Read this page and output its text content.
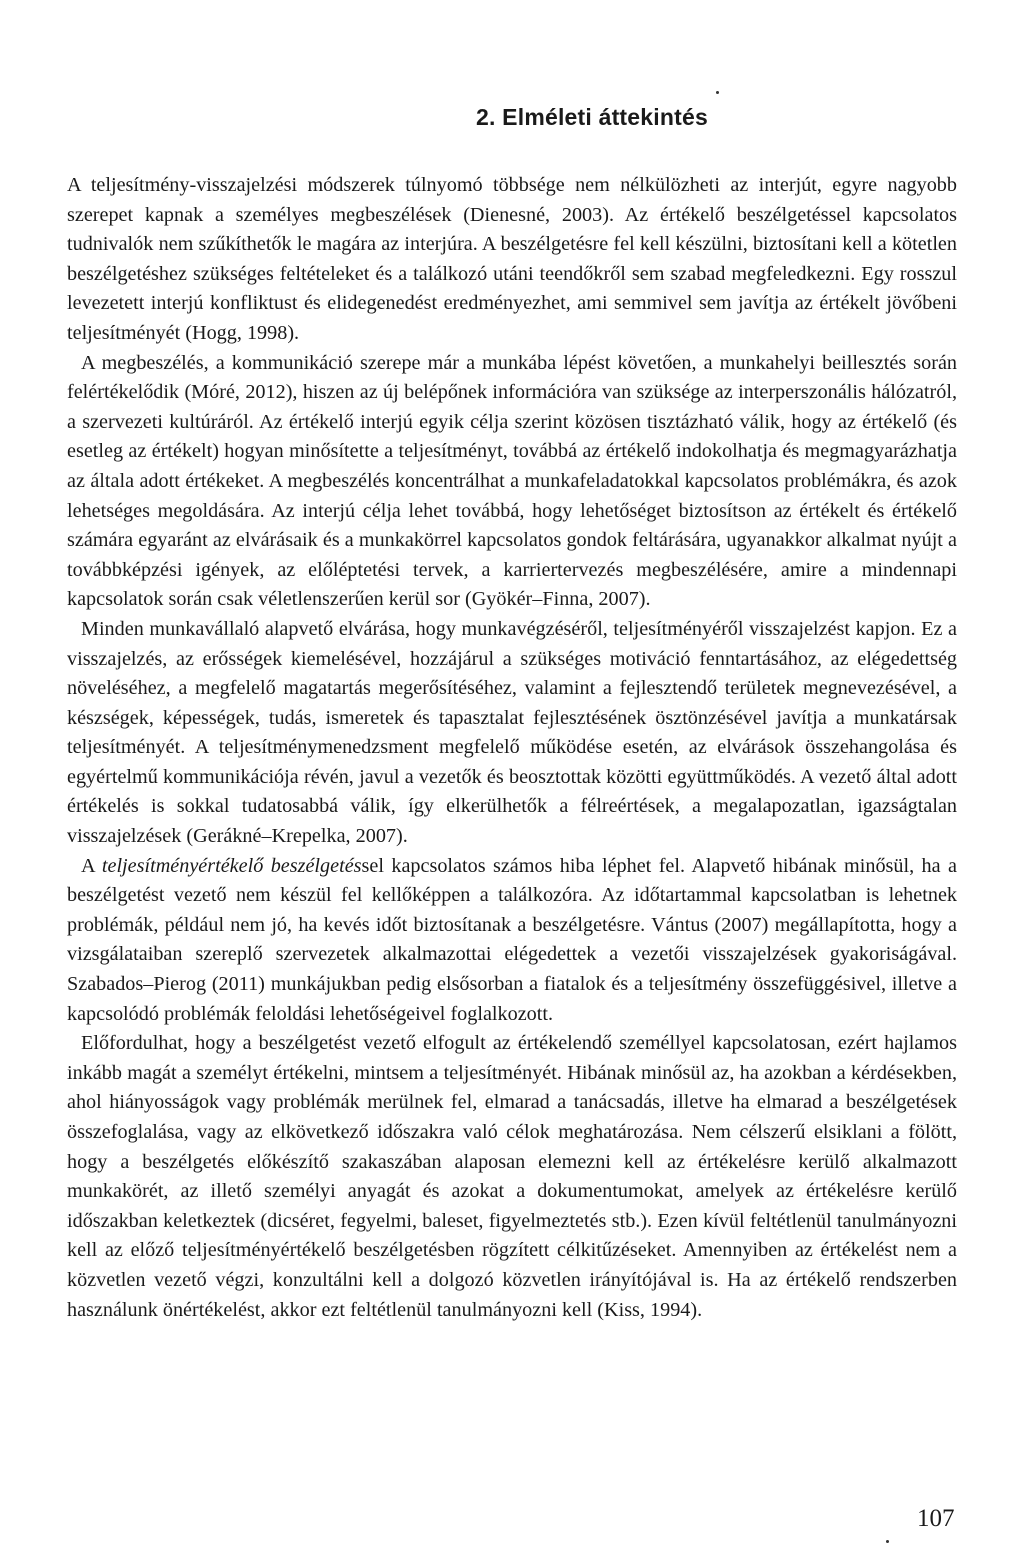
2. Elméleti áttekintés

A teljesítmény-visszajelzési módszerek túlnyomó többsége nem nélkülözheti az interjút, egyre nagyobb szerepet kapnak a személyes megbeszélések (Dienesné, 2003). Az értékelő beszélgetéssel kapcsolatos tudnivalók nem szűkíthetők le magára az interjúra. A beszélgetésre fel kell készülni, biztosítani kell a kötetlen beszélgetéshez szükséges feltételeket és a találkozó utáni teendőkről sem szabad megfeledkezni. Egy rosszul levezetett interjú konfliktust és elidegenedést eredményezhet, ami semmivel sem javítja az értékelt jövőbeni teljesítményét (Hogg, 1998).

A megbeszélés, a kommunikáció szerepe már a munkába lépést követően, a munkahelyi beillesztés során felértékelődik (Móré, 2012), hiszen az új belépőnek információra van szüksége az interperszonális hálózatról, a szervezeti kultúráról. Az értékelő interjú egyik célja szerint közösen tisztázható válik, hogy az értékelő (és esetleg az értékelt) hogyan minősítette a teljesítményt, továbbá az értékelő indokolhatja és megmagyarázhatja az általa adott értékeket. A megbeszélés koncentrálhat a munkafeladatokkal kapcsolatos problémákra, és azok lehetséges megoldására. Az interjú célja lehet továbbá, hogy lehetőséget biztosítson az értékelt és értékelő számára egyaránt az elvárásaik és a munkakörrel kapcsolatos gondok feltárására, ugyanakkor alkalmat nyújt a továbbképzési igények, az előléptetési tervek, a karriertervezés megbeszélésére, amire a mindennapi kapcsolatok során csak véletlenszerűen kerül sor (Gyökér–Finna, 2007).

Minden munkavállaló alapvető elvárása, hogy munkavégzéséről, teljesítményéről visszajelzést kapjon. Ez a visszajelzés, az erősségek kiemelésével, hozzájárul a szükséges motiváció fenntartásához, az elégedettség növeléséhez, a megfelelő magatartás megerősítéséhez, valamint a fejlesztendő területek megnevezésével, a készségek, képességek, tudás, ismeretek és tapasztalat fejlesztésének ösztönzésével javítja a munkatársak teljesítményét. A teljesítménymenedzsment megfelelő működése esetén, az elvárások összehangolása és egyértelmű kommunikációja révén, javul a vezetők és beosztottak közötti együttműködés. A vezető által adott értékelés is sokkal tudatosabbá válik, így elkerülhetők a félreértések, a megalapozatlan, igazságtalan visszajelzések (Gerákné–Krepelka, 2007).

A teljesítményértékelő beszélgetéssel kapcsolatos számos hiba léphet fel. Alapvető hibának minősül, ha a beszélgetést vezető nem készül fel kellőképpen a találkozóra. Az időtartammal kapcsolatban is lehetnek problémák, például nem jó, ha kevés időt biztosítanak a beszélgetésre. Vántus (2007) megállapította, hogy a vizsgálataiban szereplő szervezetek alkalmazottai elégedettek a vezetői visszajelzések gyakoriságával. Szabados–Pierog (2011) munkájukban pedig elsősorban a fiatalok és a teljesítmény összefüggésivel, illetve a kapcsolódó problémák feloldási lehetőségeivel foglalkozott.

Előfordulhat, hogy a beszélgetést vezető elfogult az értékelendő személlyel kapcsolatosan, ezért hajlamos inkább magát a személyt értékelni, mintsem a teljesítményét. Hibának minősül az, ha azokban a kérdésekben, ahol hiányosságok vagy problémák merülnek fel, elmarad a tanácsadás, illetve ha elmarad a beszélgetések összefoglalása, vagy az elkövetkező időszakra való célok meghatározása. Nem célszerű elsiklani a fölött, hogy a beszélgetés előkészítő szakaszában alaposan elemezni kell az értékelésre kerülő alkalmazott munkakörét, az illető személyi anyagát és azokat a dokumentumokat, amelyek az értékelésre kerülő időszakban keletkeztek (dicséret, fegyelmi, baleset, figyelmeztetés stb.). Ezen kívül feltétlenül tanulmányozni kell az előző teljesítményértékelő beszélgetésben rögzített célkitűzéseket. Amennyiben az értékelést nem a közvetlen vezető végzi, konzultálni kell a dolgozó közvetlen irányítójával is. Ha az értékelő rendszerben használunk önértékelést, akkor ezt feltétlenül tanulmányozni kell (Kiss, 1994).

107
